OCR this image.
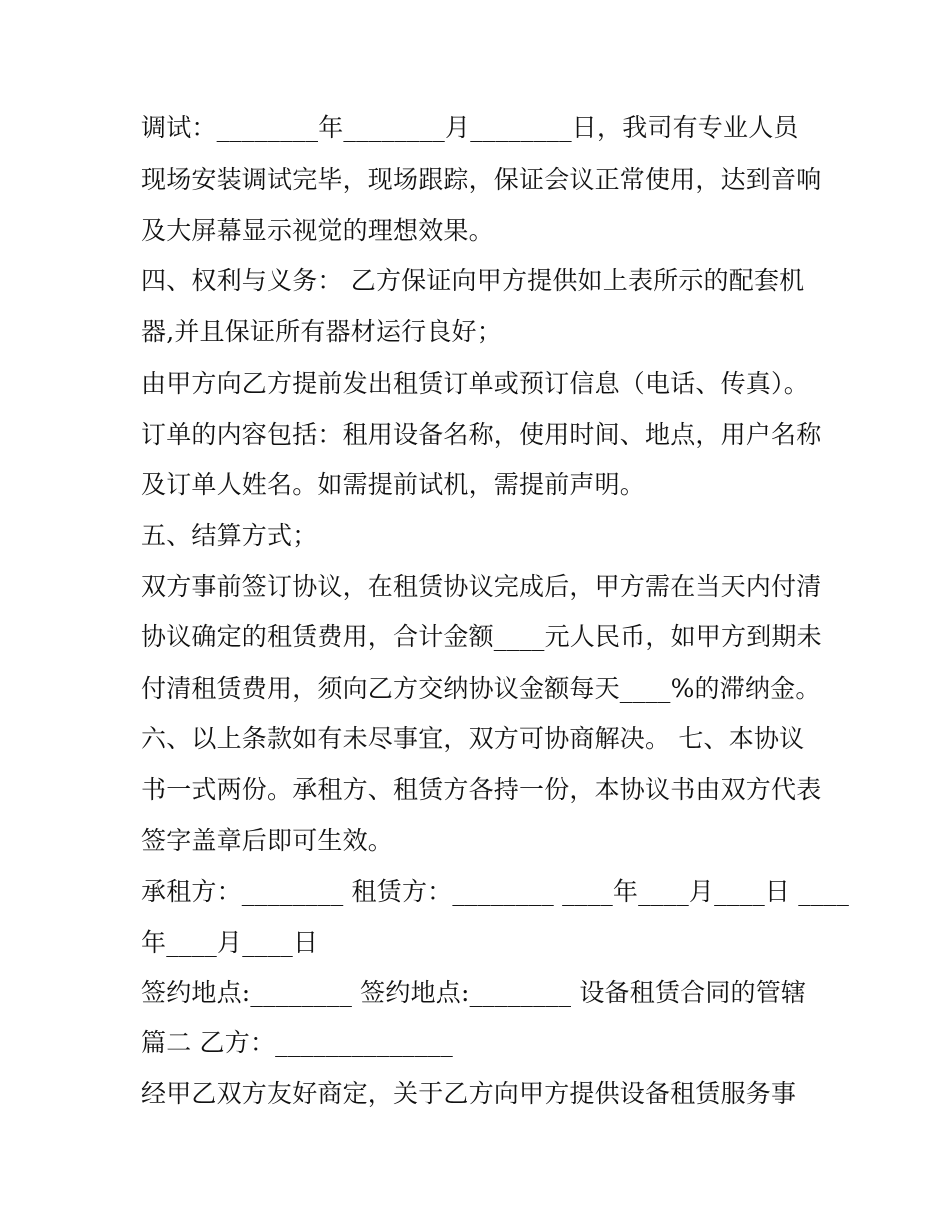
调试：________年________月________日，我司有专业人员
现场安装调试完毕，现场跟踪，保证会议正常使用，达到音响
及大屏幕显示视觉的理想效果。
四、权利与义务： 乙方保证向甲方提供如上表所示的配套机
器,并且保证所有器材运行良好；
由甲方向乙方提前发出租赁订单或预订信息（电话、传真）。
订单的内容包括：租用设备名称，使用时间、地点，用户名称
及订单人姓名。如需提前试机，需提前声明。
五、结算方式；
双方事前签订协议，在租赁协议完成后，甲方需在当天内付清
协议确定的租赁费用，合计金额____元人民币，如甲方到期未
付清租赁费用，须向乙方交纳协议金额每天____%的滞纳金。
六、以上条款如有未尽事宜，双方可协商解决。 七、本协议
书一式两份。承租方、租赁方各持一份，本协议书由双方代表
签字盖章后即可生效。
承租方：________ 租赁方：________ ____年____月____日 ____
年____月____日
签约地点:________ 签约地点:________ 设备租赁合同的管辖
篇二 乙方：______________
经甲乙双方友好商定，关于乙方向甲方提供设备租赁服务事
